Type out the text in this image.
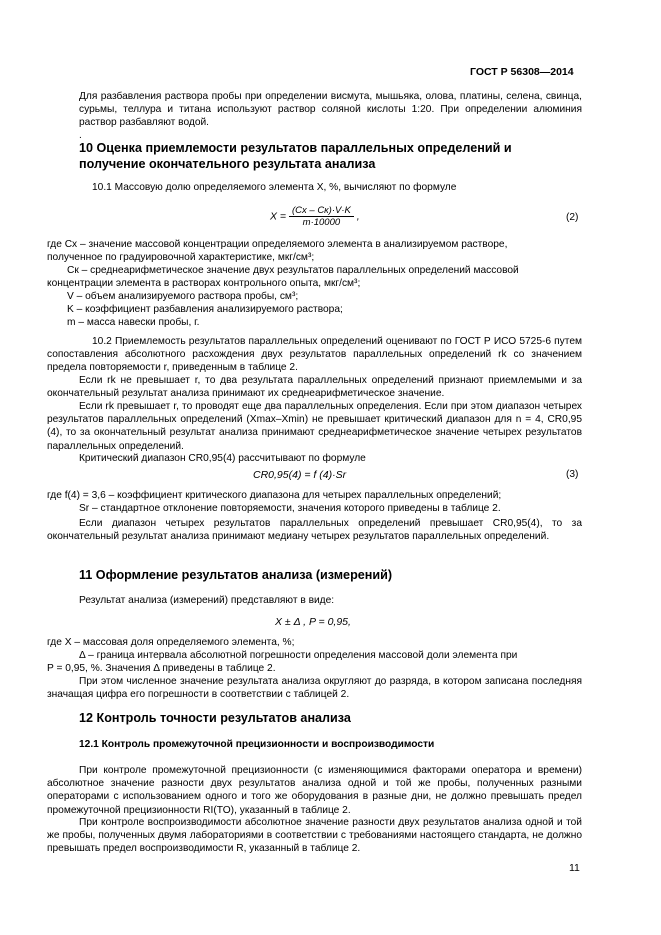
ГОСТ Р 56308—2014
Для разбавления раствора пробы при определении висмута, мышьяка, олова, платины, селена, свинца, сурьмы, теллура и титана используют раствор соляной кислоты 1:20. При определении алюминия раствор разбавляют водой.
.
10 Оценка приемлемости результатов параллельных определений и
получение окончательного результата анализа
10.1 Массовую долю определяемого элемента X, %, вычисляют по формуле
$X = \frac{(Cx - Cк)\cdot V\cdot K}{m\cdot 10000}$ ,	(2)
где Cx – значение массовой концентрации определяемого элемента в анализируемом растворе,
полученное по градуировочной характеристике, мкг/см³;
Cк – среднеарифметическое значение двух результатов параллельных определений массовой
концентрации элемента в растворах контрольного опыта, мкг/см³;
V – объем анализируемого раствора пробы, см³;
K – коэффициент разбавления анализируемого раствора;
m – масса навески пробы, г.
10.2 Приемлемость результатов параллельных определений оценивают по ГОСТ Р ИСО 5725-6 путем сопоставления абсолютного расхождения двух результатов параллельных определений rk со значением предела повторяемости r, приведенным в таблице 2.
Если rk не превышает r, то два результата параллельных определений признают приемлемыми и за окончательный результат анализа принимают их среднеарифметическое значение.
Если rk превышает r, то проводят еще два параллельных определения. Если при этом диапазон четырех результатов параллельных определений (Xmax–Xmin) не превышает критический диапазон для n = 4, CR0,95 (4), то за окончательный результат анализа принимают среднеарифметическое значение четырех результатов параллельных определений.
Критический диапазон CR0,95(4) рассчитывают по формуле
CR0,95(4) = f (4)·Sr	(3)
где f(4) = 3,6 – коэффициент критического диапазона для четырех параллельных определений;
Sr – стандартное отклонение повторяемости, значения которого приведены в таблице 2.
Если диапазон четырех результатов параллельных определений превышает CR0,95(4), то за окончательный результат анализа принимают медиану четырех результатов параллельных определений.
11 Оформление результатов анализа (измерений)
Результат анализа (измерений) представляют в виде:
X ± Δ , P = 0,95,
где X – массовая доля определяемого элемента, %;
Δ – граница интервала абсолютной погрешности определения массовой доли элемента при
P = 0,95, %. Значения Δ приведены в таблице 2.
При этом численное значение результата анализа округляют до разряда, в котором записана последняя значащая цифра его погрешности в соответствии с таблицей 2.
12 Контроль точности результатов анализа
12.1 Контроль промежуточной прецизионности и воспроизводимости
При контроле промежуточной прецизионности (с изменяющимися факторами оператора и времени) абсолютное значение разности двух результатов анализа одной и той же пробы, полученных разными операторами с использованием одного и того же оборудования в разные дни, не должно превышать предел промежуточной прецизионности RI(TO), указанный в таблице 2.
При контроле воспроизводимости абсолютное значение разности двух результатов анализа одной и той же пробы, полученных двумя лабораториями в соответствии с требованиями настоящего стандарта, не должно превышать предел воспроизводимости R, указанный в таблице 2.
11
